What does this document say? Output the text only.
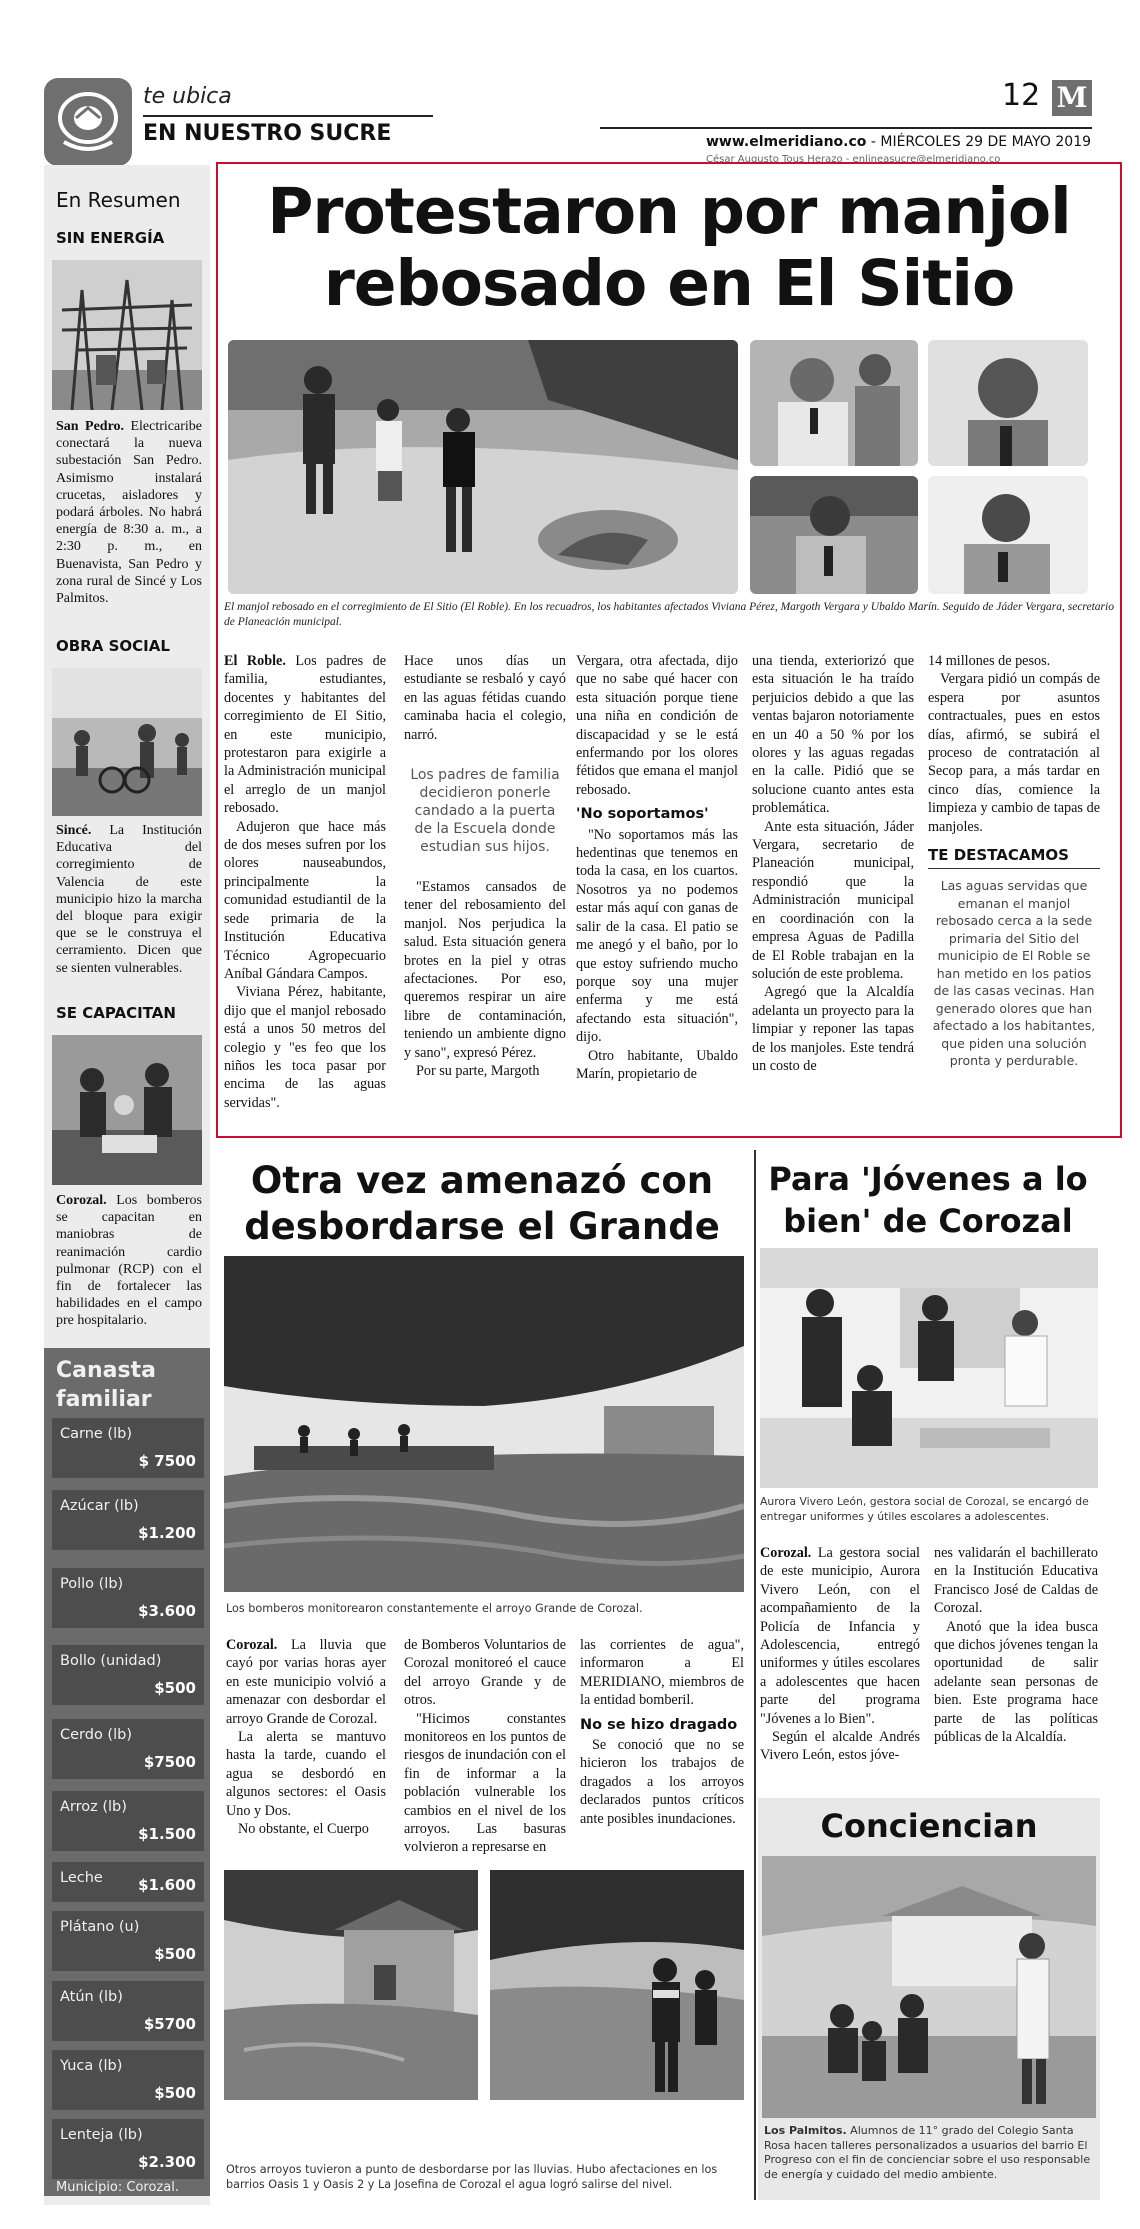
te ubica
EN NUESTRO SUCRE
12 M
www.elmeridiano.co - MIÉRCOLES 29 DE MAYO 2019
César Augusto Tous Herazo - enlineasucre@elmeridiano.co
En Resumen
SIN ENERGÍA
San Pedro. Electricaribe conectará la nueva subestación San Pedro. Asimismo instalará crucetas, aisladores y podará árboles. No habrá energía de 8:30 a. m., a 2:30 p. m., en Buenavista, San Pedro y zona rural de Sincé y Los Palmitos.
OBRA SOCIAL
Sincé. La Institución Educativa del corregimiento de Valencia de este municipio hizo la marcha del bloque para exigir que se le construya el cerramiento. Dicen que se sienten vulnerables.
SE CAPACITAN
Corozal. Los bomberos se capacitan en maniobras de reanimación cardio pulmonar (RCP) con el fin de fortalecer las habilidades en el campo pre hospitalario.
Canasta familiar
Carne (lb)
$ 7500
Azúcar (lb)
$1.200
Pollo (lb)
$3.600
Bollo (unidad)
$500
Cerdo (lb)
$7500
Arroz (lb)
$1.500
Leche $1.600
Plátano (u)
$500
Atún (lb)
$5700
Yuca (lb)
$500
Lenteja (lb)
$2.300
Municipio: Corozal.
Protestaron por manjol
rebosado en El Sitio
El manjol rebosado en el corregimiento de El Sitio (El Roble). En los recuadros, los habitantes afectados Viviana Pérez, Margoth Vergara y Ubaldo Marín. Seguido de Jáder Vergara, secretario de Planeación municipal.

El Roble. Los padres de familia, estudiantes, docentes y habitantes del corregimiento de El Sitio, en este municipio, protestaron para exigirle a la Administración municipal el arreglo de un manjol rebosado.

Adujeron que hace más de dos meses sufren por los olores nauseabundos, principalmente la comunidad estudiantil de la sede primaria de la Institución Educativa Técnico Agropecuario Aníbal Gándara Campos.

Viviana Pérez, habitante, dijo que el manjol rebosado está a unos 50 metros del colegio y "es feo que los niños les toca pasar por encima de las aguas servidas".

Hace unos días un estudiante se resbaló y cayó en las aguas fétidas cuando caminaba hacia el colegio, narró.

Los padres de familia decidieron ponerle candado a la puerta de la Escuela donde estudian sus hijos.

"Estamos cansados de tener del rebosamiento del manjol. Nos perjudica la salud. Esta situación genera brotes en la piel y otras afectaciones. Por eso, queremos respirar un aire libre de contaminación, teniendo un ambiente digno y sano", expresó Pérez.

Por su parte, Margoth

Vergara, otra afectada, dijo que no sabe qué hacer con esta situación porque tiene una niña en condición de discapacidad y se le está enfermando por los olores fétidos que emana el manjol rebosado.

'No soportamos'

"No soportamos más las hedentinas que tenemos en toda la casa, en los cuartos. Nosotros ya no podemos estar más aquí con ganas de salir de la casa. El patio se me anegó y el baño, por lo que estoy sufriendo mucho porque soy una mujer enferma y me está afectando esta situación", dijo.

Otro habitante, Ubaldo Marín, propietario de

una tienda, exteriorizó que esta situación le ha traído perjuicios debido a que las ventas bajaron notoriamente en un 40 a 50 % por los olores y las aguas regadas en la calle. Pidió que se solucione cuanto antes esta problemática.

Ante esta situación, Jáder Vergara, secretario de Planeación municipal, respondió que la Administración municipal en coordinación con la empresa Aguas de Padilla de El Roble trabajan en la solución de este problema.

Agregó que la Alcaldía adelanta un proyecto para la limpiar y reponer las tapas de los manjoles. Este tendrá un costo de

14 millones de pesos.

Vergara pidió un compás de espera por asuntos contractuales, pues en estos días, afirmó, se subirá el proceso de contratación al Secop para, a más tardar en cinco días, comience la limpieza y cambio de tapas de manjoles.

TE DESTACAMOS
Las aguas servidas que emanan el manjol rebosado cerca a la sede primaria del Sitio del municipio de El Roble se han metido en los patios de las casas vecinas. Han generado olores que han afectado a los habitantes, que piden una solución pronta y perdurable.
Otra vez amenazó con
desbordarse el Grande
Los bomberos monitorearon constantemente el arroyo Grande de Corozal.

Corozal. La lluvia que cayó por varias horas ayer en este municipio volvió a amenazar con desbordar el arroyo Grande de Corozal.

La alerta se mantuvo hasta la tarde, cuando el agua se desbordó en algunos sectores: el Oasis Uno y Dos.

No obstante, el Cuerpo

de Bomberos Voluntarios de Corozal monitoreó el cauce del arroyo Grande y de otros.

"Hicimos constantes monitoreos en los puntos de riesgos de inundación con el fin de informar a la población vulnerable los cambios en el nivel de los arroyos. Las basuras volvieron a represarse en

las corrientes de agua", informaron a El MERIDIANO, miembros de la entidad bomberil.

No se hizo dragado

Se conoció que no se hicieron los trabajos de dragados a los arroyos declarados puntos críticos ante posibles inundaciones.

Otros arroyos tuvieron a punto de desbordarse por las lluvias. Hubo afectaciones en los barrios Oasis 1 y Oasis 2 y La Josefina de Corozal el agua logró salirse del nivel.
Para 'Jóvenes a lo
bien' de Corozal
Aurora Vivero León, gestora social de Corozal, se encargó de entregar uniformes y útiles escolares a adolescentes.

Corozal. La gestora social de este municipio, Aurora Vivero León, con el acompañamiento de la Policía de Infancia y Adolescencia, entregó uniformes y útiles escolares a adolescentes que hacen parte del programa "Jóvenes a lo Bien".

Según el alcalde Andrés Vivero León, estos jóve-

nes validarán el bachillerato en la Institución Educativa Francisco José de Caldas de Corozal.

Anotó que la idea busca que dichos jóvenes tengan la oportunidad de salir adelante sean personas de bien. Este programa hace parte de las políticas públicas de la Alcaldía.

Conciencian
Los Palmitos. Alumnos de 11° grado del Colegio Santa Rosa hacen talleres personalizados a usuarios del barrio El Progreso con el fin de concienciar sobre el uso responsable de energía y cuidado del medio ambiente.
